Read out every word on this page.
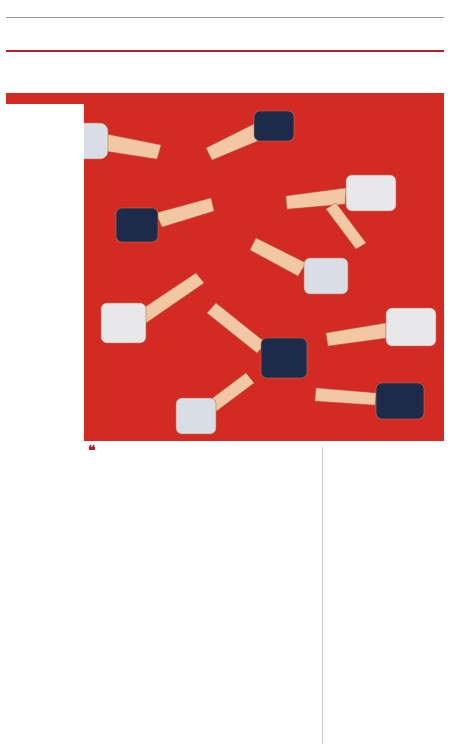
❝
